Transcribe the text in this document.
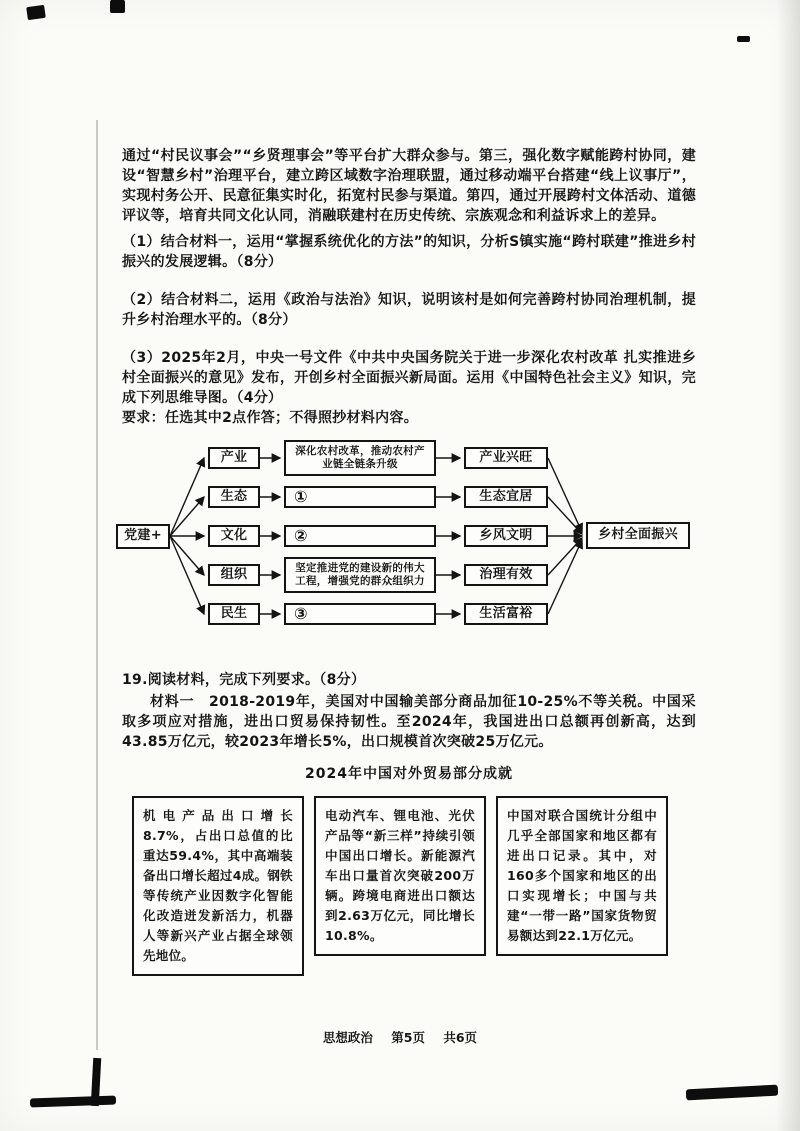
通过“村民议事会”“乡贤理事会”等平台扩大群众参与。第三，强化数字赋能跨村协同，建设“智慧乡村”治理平台，建立跨区域数字治理联盟，通过移动端平台搭建“线上议事厅”，实现村务公开、民意征集实时化，拓宽村民参与渠道。第四，通过开展跨村文体活动、道德评议等，培育共同文化认同，消融联建村在历史传统、宗族观念和利益诉求上的差异。

（1）结合材料一，运用“掌握系统优化的方法”的知识，分析S镇实施“跨村联建”推进乡村振兴的发展逻辑。（8分）

（2）结合材料二，运用《政治与法治》知识，说明该村是如何完善跨村协同治理机制，提升乡村治理水平的。（8分）

（3）2025年2月，中央一号文件《中共中央国务院关于进一步深化农村改革 扎实推进乡村全面振兴的意见》发布，开创乡村全面振兴新局面。运用《中国特色社会主义》知识，完成下列思维导图。（4分）

要求：任选其中2点作答；不得照抄材料内容。

党建+
产业
生态
文化
组织
民生
深化农村改革，推动农村产业链全链条升级
①
②
坚定推进党的建设新的伟大工程，增强党的群众组织力
③
产业兴旺
生态宜居
乡风文明
治理有效
生活富裕
乡村全面振兴

19.阅读材料，完成下列要求。（8分）

材料一　2018-2019年，美国对中国输美部分商品加征10-25%不等关税。中国采取多项应对措施，进出口贸易保持韧性。至2024年，我国进出口总额再创新高，达到43.85万亿元，较2023年增长5%，出口规模首次突破25万亿元。

2024年中国对外贸易部分成就
机电产品出口增长8.7%，占出口总值的比重达59.4%，其中高端装备出口增长超过4成。钢铁等传统产业因数字化智能化改造迸发新活力，机器人等新兴产业占据全球领先地位。
电动汽车、锂电池、光伏产品等“新三样”持续引领中国出口增长。新能源汽车出口量首次突破200万辆。跨境电商进出口额达到2.63万亿元，同比增长10.8%。
中国对联合国统计分组中几乎全部国家和地区都有进出口记录。其中，对160多个国家和地区的出口实现增长；中国与共建“一带一路”国家货物贸易额达到22.1万亿元。
思想政治 第5页 共6页
